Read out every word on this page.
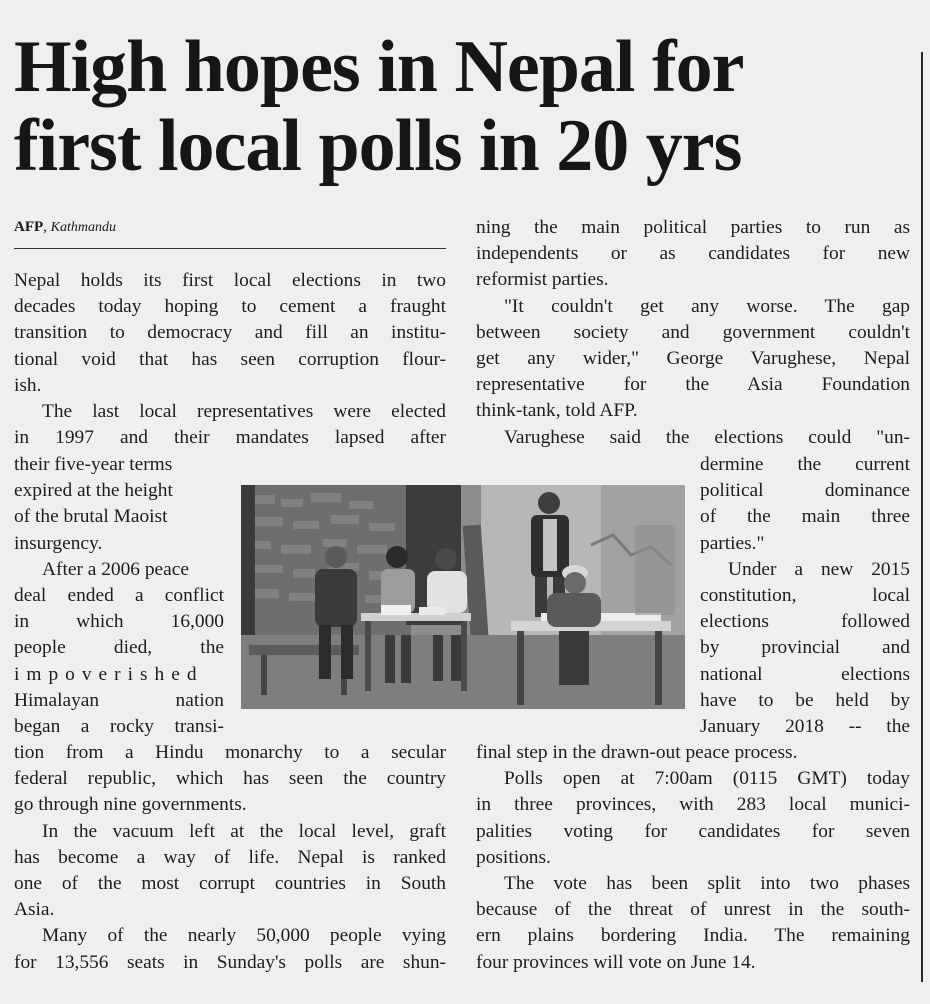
High hopes in Nepal for
first local polls in 20 yrs
AFP, Kathmandu
Nepal holds its first local elections in two
decades today hoping to cement a fraught
transition to democracy and fill an institu-
tional void that has seen corruption flour-
ish.
The last local representatives were elected
in 1997 and their mandates lapsed after
their five-year terms
expired at the height
of the brutal Maoist
insurgency.
After a 2006 peace
deal ended a conflict
in which 16,000
people died, the
impoverished
Himalayan nation
began a rocky transi-
tion from a Hindu monarchy to a secular
federal republic, which has seen the country
go through nine governments.
In the vacuum left at the local level, graft
has become a way of life. Nepal is ranked
one of the most corrupt countries in South
Asia.
Many of the nearly 50,000 people vying
for 13,556 seats in Sunday's polls are shun-
ning the main political parties to run as
independents or as candidates for new
reformist parties.
"It couldn't get any worse. The gap
between society and government couldn't
get any wider," George Varughese, Nepal
representative for the Asia Foundation
think-tank, told AFP.
Varughese said the elections could "un-
dermine the current
political dominance
of the main three
parties."
Under a new 2015
constitution, local
elections followed
by provincial and
national elections
have to be held by
January 2018 -- the
final step in the drawn-out peace process.
Polls open at 7:00am (0115 GMT) today
in three provinces, with 283 local munici-
palities voting for candidates for seven
positions.
The vote has been split into two phases
because of the threat of unrest in the south-
ern plains bordering India. The remaining
four provinces will vote on June 14.
